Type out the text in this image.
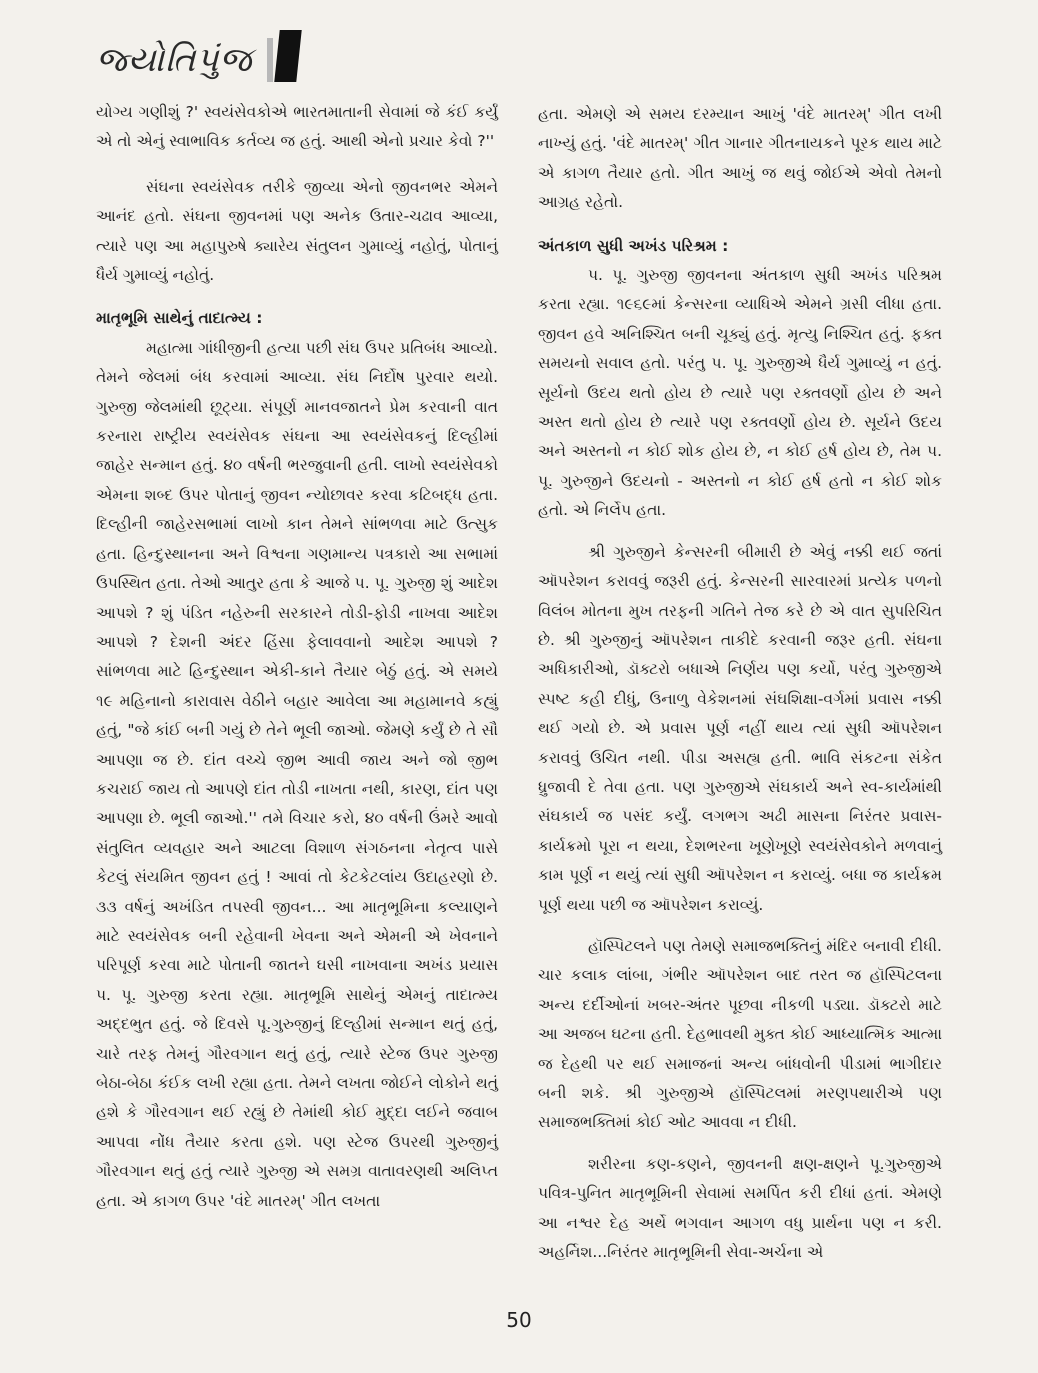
જ્યોતિપુંજ

યોગ્ય ગણીશું ?' સ્વયંસેવકોએ ભારતમાતાની સેવામાં જે કંઈ કર્યું એ તો એનું સ્વાભાવિક કર્તવ્ય જ હતું. આથી એનો પ્રચાર કેવો ?''

સંઘના સ્વયંસેવક તરીકે જીવ્યા એનો જીવનભર એમને આનંદ હતો. સંઘના જીવનમાં પણ અનેક ઉતાર-ચઢાવ આવ્યા, ત્યારે પણ આ મહાપુરુષે ક્યારેય સંતુલન ગુમાવ્યું નહોતું, પોતાનું ધૈર્ય ગુમાવ્યું નહોતું.

માતૃભૂમિ સાથેનું તાદાત્મ્ય :

મહાત્મા ગાંધીજીની હત્યા પછી સંઘ ઉપર પ્રતિબંધ આવ્યો. તેમને જેલમાં બંધ કરવામાં આવ્યા. સંઘ નિર્દોષ પુરવાર થયો. ગુરુજી જેલમાંથી છૂટ્યા. સંપૂર્ણ માનવજાતને પ્રેમ કરવાની વાત કરનારા રાષ્ટ્રીય સ્વયંસેવક સંઘના આ સ્વયંસેવકનું દિલ્હીમાં જાહેર સન્માન હતું. ૪૦ વર્ષની ભરજુવાની હતી. લાખો સ્વયંસેવકો એમના શબ્દ ઉપર પોતાનું જીવન ન્યોછાવર કરવા કટિબદ્ધ હતા. દિલ્હીની જાહેરસભામાં લાખો કાન તેમને સાંભળવા માટે ઉત્સુક હતા. હિન્દુસ્થાનના અને વિશ્વના ગણમાન્ય પત્રકારો આ સભામાં ઉપસ્થિત હતા. તેઓ આતુર હતા કે આજે પ. પૂ. ગુરુજી શું આદેશ આપશે ? શું પંડિત નહેરુની સરકારને તોડી-ફોડી નાખવા આદેશ આપશે ? દેશની અંદર હિંસા ફેલાવવાનો આદેશ આપશે ? સાંભળવા માટે હિન્દુસ્થાન એકી-કાને તૈયાર બેઠું હતું. એ સમયે ૧૯ મહિનાનો કારાવાસ વેઠીને બહાર આવેલા આ મહામાનવે કહ્યું હતું, "જે કાંઈ બની ગયું છે તેને ભૂલી જાઓ. જેમણે કર્યું છે તે સૌ આપણા જ છે. દાંત વચ્ચે જીભ આવી જાય અને જો જીભ કચરાઈ જાય તો આપણે દાંત તોડી નાખતા નથી, કારણ, દાંત પણ આપણા છે. ભૂલી જાઓ.'' તમે વિચાર કરો, ૪૦ વર્ષની ઉંમરે આવો સંતુલિત વ્યવહાર અને આટલા વિશાળ સંગઠનના નેતૃત્વ પાસે કેટલું સંયમિત જીવન હતું ! આવાં તો કેટકેટલાંય ઉદાહરણો છે. ૩૩ વર્ષનું અખંડિત તપસ્વી જીવન... આ માતૃભૂમિના કલ્યાણને માટે સ્વયંસેવક બની રહેવાની ખેવના અને એમની એ ખેવનાને પરિપૂર્ણ કરવા માટે પોતાની જાતને ઘસી નાખવાના અખંડ પ્રયાસ પ. પૂ. ગુરુજી કરતા રહ્યા. માતૃભૂમિ સાથેનું એમનું તાદાત્મ્ય અદ્દભુત હતું. જે દિવસે પૂ.ગુરુજીનું દિલ્હીમાં સન્માન થતું હતું, ચારે તરફ તેમનું ગૌરવગાન થતું હતું, ત્યારે સ્ટેજ ઉપર ગુરુજી બેઠા-બેઠા કંઈક લખી રહ્યા હતા. તેમને લખતા જોઈને લોકોને થતું હશે કે ગૌરવગાન થઈ રહ્યું છે તેમાંથી કોઈ મુદ્દા લઈને જવાબ આપવા નોંધ તૈયાર કરતા હશે. પણ સ્ટેજ ઉપરથી ગુરુજીનું ગૌરવગાન થતું હતું ત્યારે ગુરુજી એ સમગ્ર વાતાવરણથી અલિપ્ત હતા. એ કાગળ ઉપર 'વંદે માતરમ્' ગીત લખતા

હતા. એમણે એ સમય દરમ્યાન આખું 'વંદે માતરમ્' ગીત લખી નાખ્યું હતું. 'વંદે માતરમ્' ગીત ગાનાર ગીતનાયકને પૂરક થાય માટે એ કાગળ તૈયાર હતો. ગીત આખું જ થવું જોઈએ એવો તેમનો આગ્રહ રહેતો.

અંતકાળ સુધી અખંડ પરિશ્રમ :

પ. પૂ. ગુરુજી જીવનના અંતકાળ સુધી અખંડ પરિશ્રમ કરતા રહ્યા. ૧૯૬૯માં કેન્સરના વ્યાધિએ એમને ગ્રસી લીધા હતા. જીવન હવે અનિશ્ચિત બની ચૂક્યું હતું. મૃત્યુ નિશ્ચિત હતું. ફક્ત સમયનો સવાલ હતો. પરંતુ પ. પૂ. ગુરુજીએ ધૈર્ય ગુમાવ્યું ન હતું. સૂર્યનો ઉદય થતો હોય છે ત્યારે પણ રક્તવર્ણો હોય છે અને અસ્ત થતો હોય છે ત્યારે પણ રક્તવર્ણો હોય છે. સૂર્યને ઉદય અને અસ્તનો ન કોઈ શોક હોય છે, ન કોઈ હર્ષ હોય છે, તેમ પ. પૂ. ગુરુજીને ઉદયનો - અસ્તનો ન કોઈ હર્ષ હતો ન કોઈ શોક હતો. એ નિર્લેપ હતા.

શ્રી ગુરુજીને કેન્સરની બીમારી છે એવું નક્કી થઈ જતાં ઑપરેશન કરાવવું જરૂરી હતું. કેન્સરની સારવારમાં પ્રત્યેક પળનો વિલંબ મોતના મુખ તરફની ગતિને તેજ કરે છે એ વાત સુપરિચિત છે. શ્રી ગુરુજીનું ઑપરેશન તાકીદે કરવાની જરૂર હતી. સંઘના અધિકારીઓ, ડૉક્ટરો બધાએ નિર્ણય પણ કર્યો, પરંતુ ગુરુજીએ સ્પષ્ટ કહી દીધું, ઉનાળુ વેકેશનમાં સંઘશિક્ષા-વર્ગમાં પ્રવાસ નક્કી થઈ ગયો છે. એ પ્રવાસ પૂર્ણ નહીં થાય ત્યાં સુધી ઑપરેશન કરાવવું ઉચિત નથી. પીડા અસહ્ય હતી. ભાવિ સંકટના સંકેત ધ્રુજાવી દે તેવા હતા. પણ ગુરુજીએ સંઘકાર્ય અને સ્વ-કાર્યમાંથી સંઘકાર્ય જ પસંદ કર્યું. લગભગ અઢી માસના નિરંતર પ્રવાસ-કાર્યક્રમો પૂરા ન થયા, દેશભરના ખૂણેખૂણે સ્વયંસેવકોને મળવાનું કામ પૂર્ણ ન થયું ત્યાં સુધી ઑપરેશન ન કરાવ્યું. બધા જ કાર્યક્રમ પૂર્ણ થયા પછી જ ઑપરેશન કરાવ્યું.

હૉસ્પિટલને પણ તેમણે સમાજભક્તિનું મંદિર બનાવી દીધી. ચાર કલાક લાંબા, ગંભીર ઑપરેશન બાદ તરત જ હૉસ્પિટલના અન્ય દર્દીઓનાં ખબર-અંતર પૂછવા નીકળી પડ્યા. ડૉક્ટરો માટે આ અજબ ઘટના હતી. દેહભાવથી મુક્ત કોઈ આધ્યાત્મિક આત્મા જ દેહથી પર થઈ સમાજનાં અન્ય બાંધવોની પીડામાં ભાગીદાર બની શકે. શ્રી ગુરુજીએ હૉસ્પિટલમાં મરણપથારીએ પણ સમાજભક્તિમાં કોઈ ઓટ આવવા ન દીધી.

શરીરના કણ-કણને, જીવનની ક્ષણ-ક્ષણને પૂ.ગુરુજીએ પવિત્ર-પુનિત માતૃભૂમિની સેવામાં સમર્પિત કરી દીધાં હતાં. એમણે આ નશ્વર દેહ અર્થે ભગવાન આગળ વધુ પ્રાર્થના પણ ન કરી. અહર્નિશ...નિરંતર માતૃભૂમિની સેવા-અર્ચના એ

50
